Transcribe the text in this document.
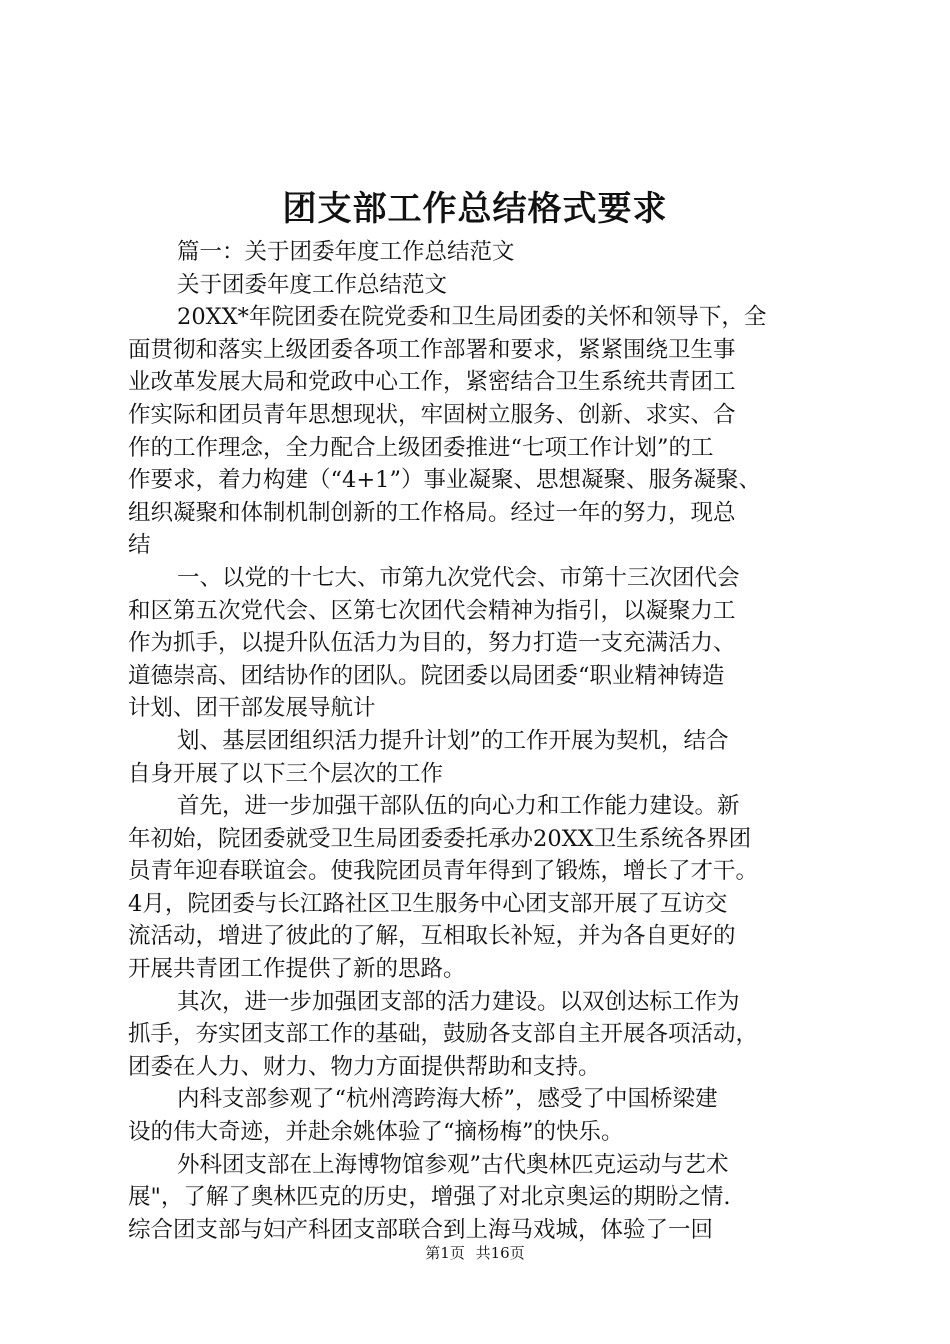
团支部工作总结格式要求
篇一：关于团委年度工作总结范文
关于团委年度工作总结范文
20XX*年院团委在院党委和卫生局团委的关怀和领导下，全
面贯彻和落实上级团委各项工作部署和要求，紧紧围绕卫生事
业改革发展大局和党政中心工作，紧密结合卫生系统共青团工
作实际和团员青年思想现状，牢固树立服务、创新、求实、合
作的工作理念，全力配合上级团委推进“七项工作计划”的工
作要求，着力构建（“4+1”）事业凝聚、思想凝聚、服务凝聚、
组织凝聚和体制机制创新的工作格局。经过一年的努力，现总
结
一、以党的十七大、市第九次党代会、市第十三次团代会
和区第五次党代会、区第七次团代会精神为指引，以凝聚力工
作为抓手，以提升队伍活力为目的，努力打造一支充满活力、
道德崇高、团结协作的团队。院团委以局团委“职业精神铸造
计划、团干部发展导航计
划、基层团组织活力提升计划”的工作开展为契机，结合
自身开展了以下三个层次的工作
首先，进一步加强干部队伍的向心力和工作能力建设。新
年初始，院团委就受卫生局团委委托承办20XX卫生系统各界团
员青年迎春联谊会。使我院团员青年得到了锻炼，增长了才干。
4月，院团委与长江路社区卫生服务中心团支部开展了互访交
流活动，增进了彼此的了解，互相取长补短，并为各自更好的
开展共青团工作提供了新的思路。
其次，进一步加强团支部的活力建设。以双创达标工作为
抓手，夯实团支部工作的基础，鼓励各支部自主开展各项活动，
团委在人力、财力、物力方面提供帮助和支持。
内科支部参观了“杭州湾跨海大桥”，感受了中国桥梁建
设的伟大奇迹，并赴余姚体验了“摘杨梅”的快乐。
外科团支部在上海博物馆参观”古代奥林匹克运动与艺术
展"，了解了奥林匹克的历史，增强了对北京奥运的期盼之情.
综合团支部与妇产科团支部联合到上海马戏城，体验了一回
第1页 共16页
